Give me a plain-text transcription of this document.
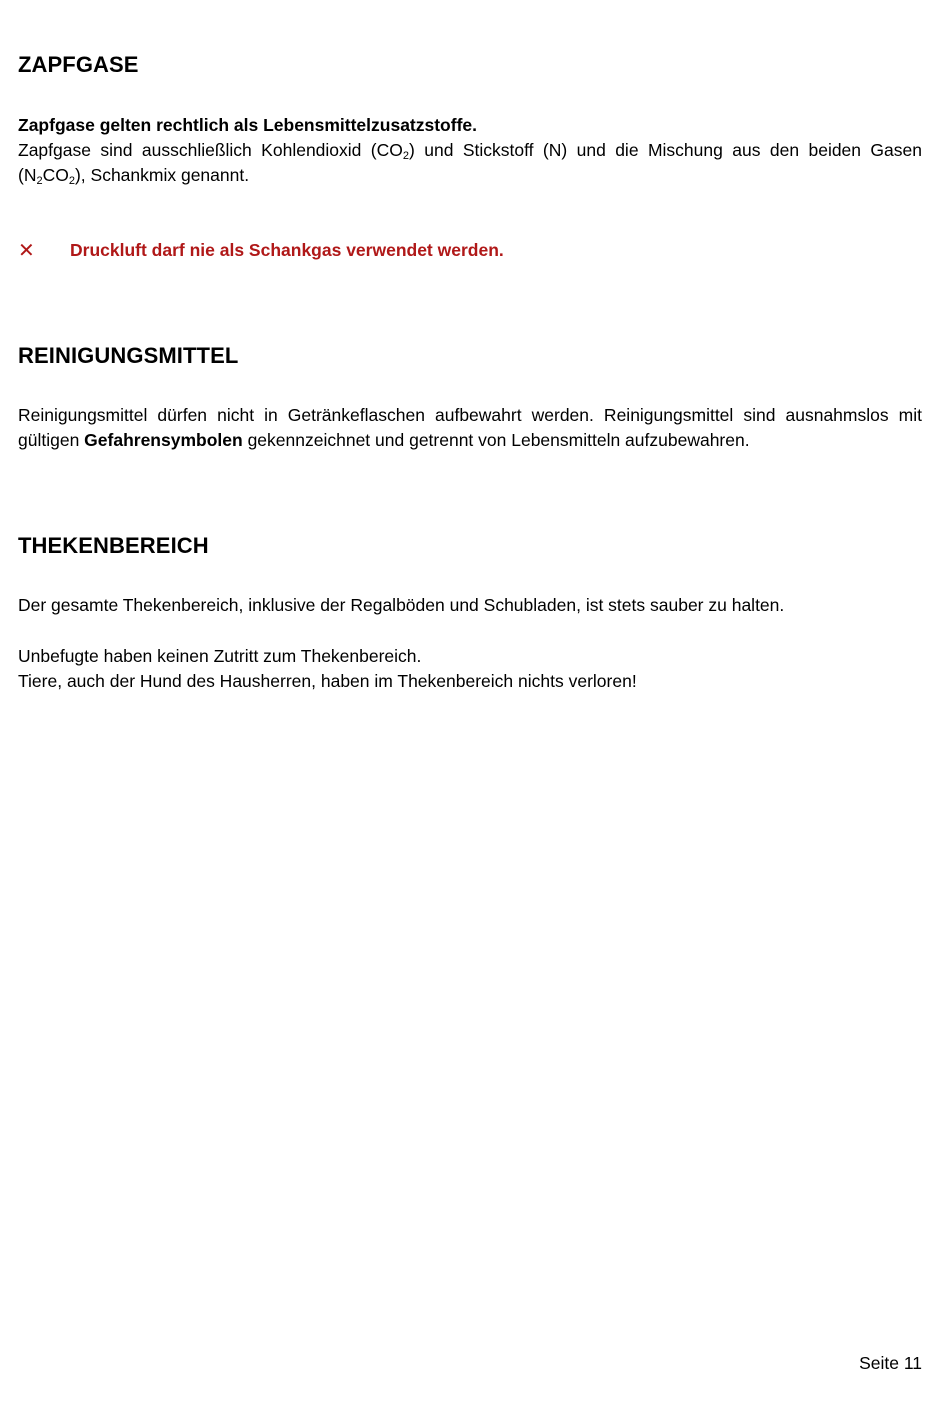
ZAPFGASE

Zapfgase gelten rechtlich als Lebensmittelzusatzstoffe.

Zapfgase sind ausschließlich Kohlendioxid $(CO_2)$ und Stickstoff (N) und die Mischung aus den beiden Gasen $(N_2CO_2)$, Schankmix genannt.

✕ Druckluft darf nie als Schankgas verwendet werden.

REINIGUNGSMITTEL

Reinigungsmittel dürfen nicht in Getränkeflaschen aufbewahrt werden. Reinigungsmittel sind ausnahmslos mit gültigen Gefahrensymbolen gekennzeichnet und getrennt von Lebensmitteln aufzubewahren.

THEKENBEREICH

Der gesamte Thekenbereich, inklusive der Regalböden und Schubladen, ist stets sauber zu halten.

Unbefugte haben keinen Zutritt zum Thekenbereich.

Tiere, auch der Hund des Hausherren, haben im Thekenbereich nichts verloren!

Seite 11
